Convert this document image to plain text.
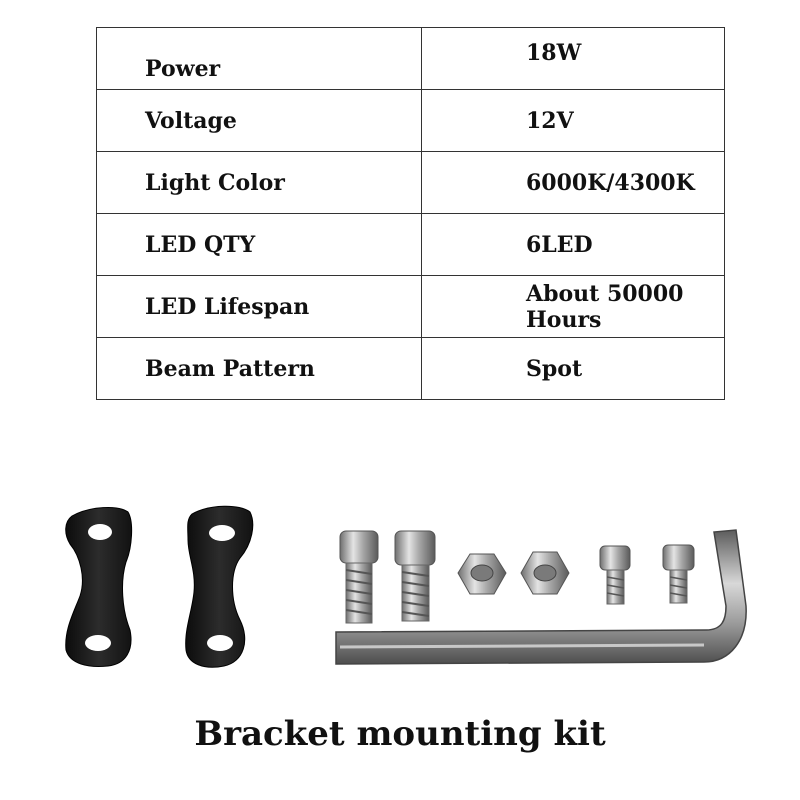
Power	18W
Voltage	12V
Light Color	6000K/4300K
LED QTY	6LED
LED Lifespan	About 50000 Hours
Beam Pattern	Spot
Bracket mounting kit
